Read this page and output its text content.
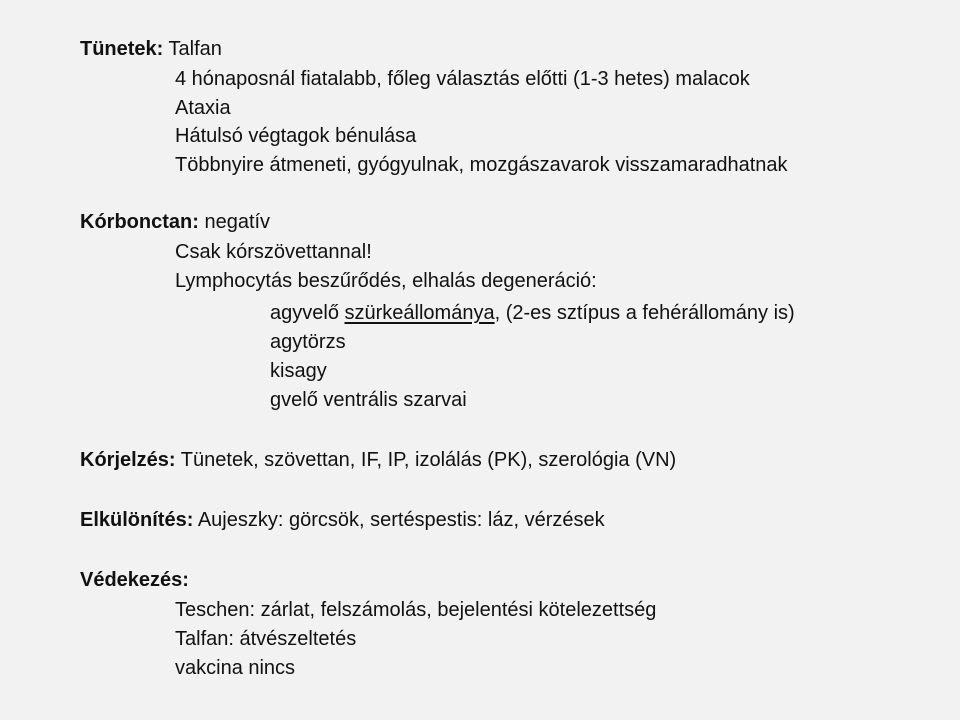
Tünetek: Talfan
4 hónaposnál fiatalabb, főleg választás előtti (1-3 hetes) malacok
Ataxia
Hátulsó végtagok bénulása
Többnyire átmeneti, gyógyulnak, mozgászavarok visszamaradhatnak
Kórbonctan: negatív
Csak kórszövettannal!
Lymphocytás beszűrődés, elhalás degeneráció:
agyvelő szürkeállománya, (2-es sztípus a fehérállomány is)
agytörzs
kisagy
gvelő ventrális szarvai
Kórjelzés: Tünetek, szövettan, IF, IP, izolálás (PK), szerológia (VN)
Elkülönítés: Aujeszky: görcsök, sertéspestis: láz, vérzések
Védekezés:
Teschen: zárlat, felszámolás, bejelentési kötelezettség
Talfan: átvészeltetés
vakcina nincs
